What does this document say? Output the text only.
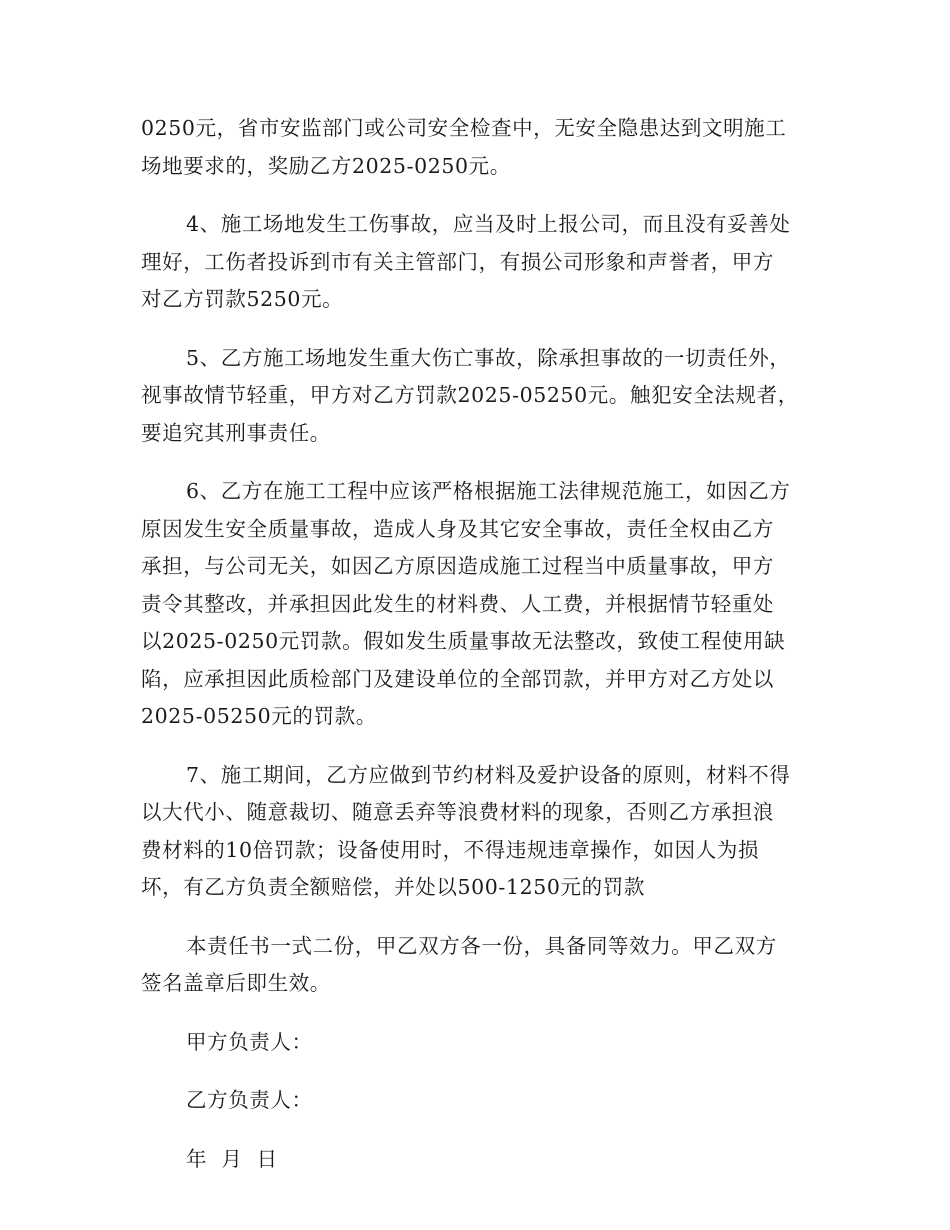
0250元，省市安监部门或公司安全检查中，无安全隐患达到文明施工
场地要求的，奖励乙方2025-0250元。

4、施工场地发生工伤事故，应当及时上报公司，而且没有妥善处
理好，工伤者投诉到市有关主管部门，有损公司形象和声誉者，甲方
对乙方罚款5250元。

5、乙方施工场地发生重大伤亡事故，除承担事故的一切责任外，
视事故情节轻重，甲方对乙方罚款2025-05250元。触犯安全法规者，
要追究其刑事责任。

6、乙方在施工工程中应该严格根据施工法律规范施工，如因乙方
原因发生安全质量事故，造成人身及其它安全事故，责任全权由乙方
承担，与公司无关，如因乙方原因造成施工过程当中质量事故，甲方
责令其整改，并承担因此发生的材料费、人工费，并根据情节轻重处
以2025-0250元罚款。假如发生质量事故无法整改，致使工程使用缺
陷，应承担因此质检部门及建设单位的全部罚款，并甲方对乙方处以
2025-05250元的罚款。

7、施工期间，乙方应做到节约材料及爱护设备的原则，材料不得
以大代小、随意裁切、随意丢弃等浪费材料的现象，否则乙方承担浪
费材料的10倍罚款；设备使用时，不得违规违章操作，如因人为损
坏，有乙方负责全额赔偿，并处以500-1250元的罚款

本责任书一式二份，甲乙双方各一份，具备同等效力。甲乙双方
签名盖章后即生效。

甲方负责人：

乙方负责人：

年  月  日
